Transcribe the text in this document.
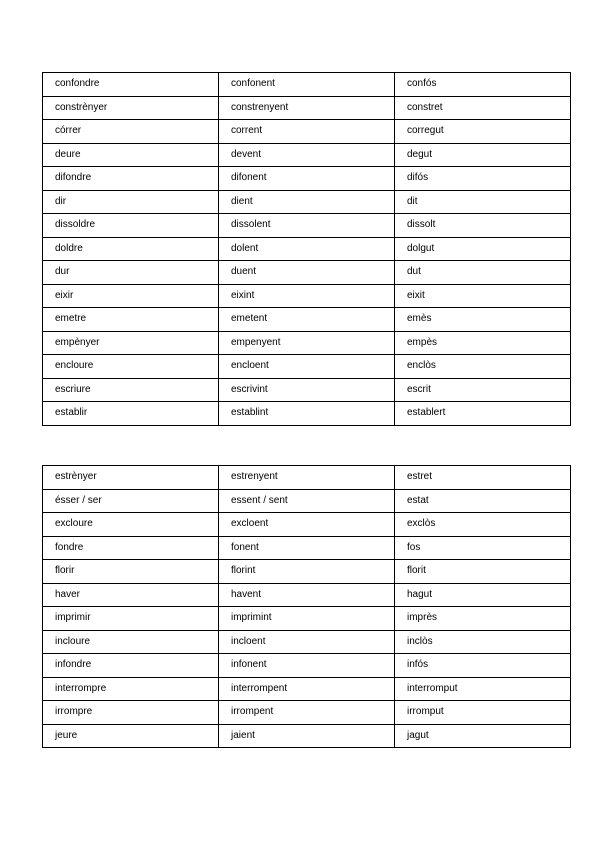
confondre	confonent	confós
constrènyer	constrenyent	constret
córrer	corrent	corregut
deure	devent	degut
difondre	difonent	difós
dir	dient	dit
dissoldre	dissolent	dissolt
doldre	dolent	dolgut
dur	duent	dut
eixir	eixint	eixit
emetre	emetent	emès
empènyer	empenyent	empès
encloure	encloent	enclòs
escriure	escrivint	escrit
establir	establint	establert
estrènyer	estrenyent	estret
ésser / ser	essent / sent	estat
excloure	excloent	exclòs
fondre	fonent	fos
florir	florint	florit
haver	havent	hagut
imprimir	imprimint	imprès
incloure	incloent	inclòs
infondre	infonent	infós
interrompre	interrompent	interromput
irrompre	irrompent	irromput
jeure	jaient	jagut
